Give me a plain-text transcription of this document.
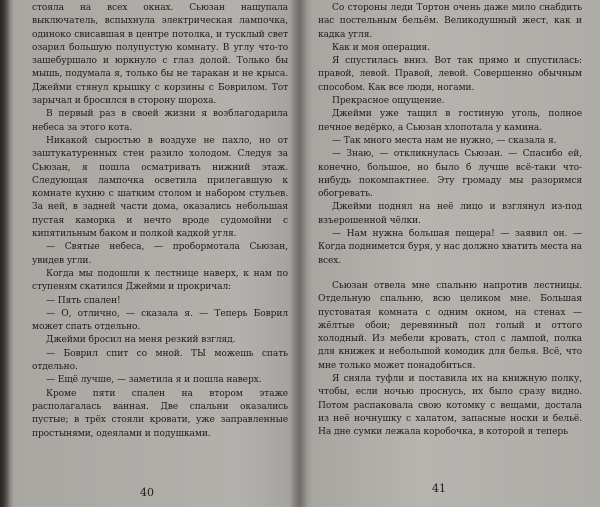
стояла на всех окнах. Сьюзан нащупала выключатель, вспыхнула электрическая лампочка, одиноко свисавшая в центре потолка, и тусклый свет озарил большую полупустую комнату. В углу что-то зашебуршало и юркнуло с глаз долой. Только бы мышь, подумала я, только бы не таракан и не крыса. Джейми стянул крышку с корзины с Боврилом. Тот зарычал и бросился в сторону шороха.

В первый раз в своей жизни я возблагодарила небеса за этого кота.

Никакой сыростью в воздухе не пахло, но от заштукатуренных стен разило холодом. Следуя за Сьюзан, я пошла осматривать нижний этаж. Следующая лампочка осветила прилегавшую к комнате кухню с шатким столом и набором стульев. За ней, в задней части дома, оказались небольшая пустая каморка и нечто вроде судомойни с кипятильным баком и полкой кадкой угля.

— Святые небеса, — пробормотала Сьюзан, увидев угли.

Когда мы подошли к лестнице наверх, к нам по ступеням скатился Джейми и прокричал:

— Пять спален!

— О, отлично, — сказала я. — Теперь Боврил может спать отдельно.

Джейми бросил на меня резкий взгляд.

— Боврил спит со мной. ТЫ можешь спать отдельно.

— Ещё лучше, — заметила я и пошла наверх.

Кроме пяти спален на втором этаже располагалась ванная. Две спальни оказались пустые; в трёх стояли кровати, уже заправленные простынями, одеялами и подушками.

40

Со стороны леди Тортон очень даже мило снабдить нас постельным бельём. Великодушный жест, как и кадка угля.

Как и моя операция.

Я спустилась вниз. Вот так прямо и спустилась: правой, левой. Правой, левой. Совершенно обычным способом. Как все люди, ногами.

Прекрасное ощущение.

Джейми уже тащил в гостиную уголь, полное печное ведёрко, а Сьюзан хлопотала у камина.

— Так много места нам не нужно, — сказала я.

— Знаю, — откликнулась Сьюзан. — Спасибо ей, конечно, большое, но было б лучше всё-таки что-нибудь покомпактнее. Эту громаду мы разоримся обогревать.

Джейми поднял на неё лицо и взглянул из-под взъерошенной чёлки.

— Нам нужна большая пещера! — заявил он. — Когда поднимется буря, у нас должно хватить места на всех.

Сьюзан отвела мне спальню напротив лестницы. Отдельную спальню, всю целиком мне. Большая пустоватая комната с одним окном, на стенах — жёлтые обои; деревянный пол голый и оттого холодный. Из мебели кровать, стол с лампой, полка для книжек и небольшой комодик для белья. Всё, что мне только может понадобиться.

Я сняла туфли и поставила их на книжную полку, чтобы, если ночью проснусь, их было сразу видно. Потом распаковала свою котомку с вещами, достала из неё ночнушку с халатом, запасные носки и бельё. На дне сумки лежала коробочка, в которой я теперь

41
